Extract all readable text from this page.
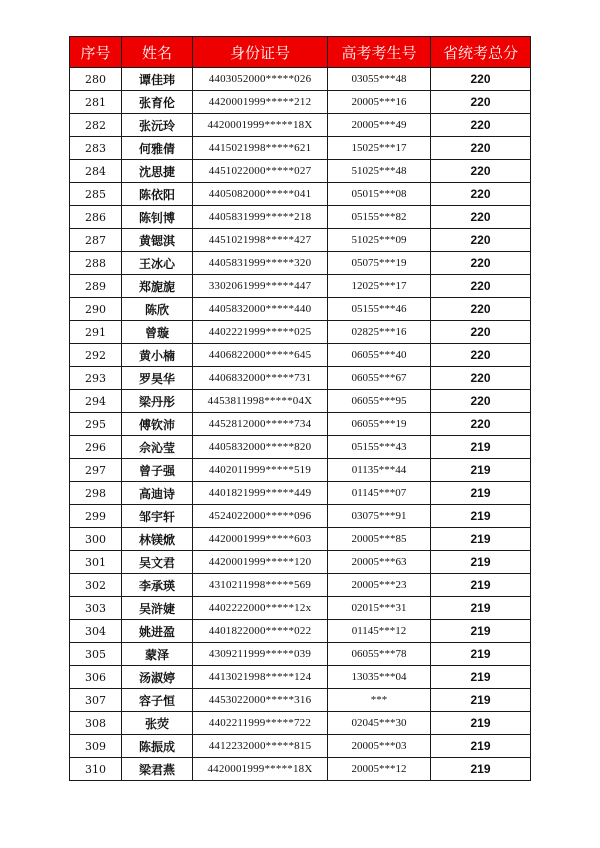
序号	姓名	身份证号	高考考生号	省统考总分
280	谭佳玮	4403052000*****026	03055***48	220
281	张育伦	4420001999*****212	20005***16	220
282	张沅玲	4420001999*****18X	20005***49	220
283	何雅倩	4415021998*****621	15025***17	220
284	沈思捷	4451022000*****027	51025***48	220
285	陈依阳	4405082000*****041	05015***08	220
286	陈钊博	4405831999*****218	05155***82	220
287	黄锶淇	4451021998*****427	51025***09	220
288	王冰心	4405831999*****320	05075***19	220
289	郑旎旎	3302061999*****447	12025***17	220
290	陈欣	4405832000*****440	05155***46	220
291	曾璇	4402221999*****025	02825***16	220
292	黄小楠	4406822000*****645	06055***40	220
293	罗昊华	4406832000*****731	06055***67	220
294	梁丹彤	4453811998*****04X	06055***95	220
295	傅钦沛	4452812000*****734	06055***19	220
296	佘沁莹	4405832000*****820	05155***43	219
297	曾子强	4402011999*****519	01135***44	219
298	高迪诗	4401821999*****449	01145***07	219
299	邹宇轩	4524022000*****096	03075***91	219
300	林镁焮	4420001999*****603	20005***85	219
301	吴文君	4420001999*****120	20005***63	219
302	李承瑛	4310211998*****569	20005***23	219
303	吴浒婕	4402222000*****12x	02015***31	219
304	姚进盈	4401822000*****022	01145***12	219
305	蒙泽	4309211999*****039	06055***78	219
306	汤淑婷	4413021998*****124	13035***04	219
307	容子恒	4453022000*****316	***	219
308	张荧	4402211999*****722	02045***30	219
309	陈振成	4412232000*****815	20005***03	219
310	梁君燕	4420001999*****18X	20005***12	219
